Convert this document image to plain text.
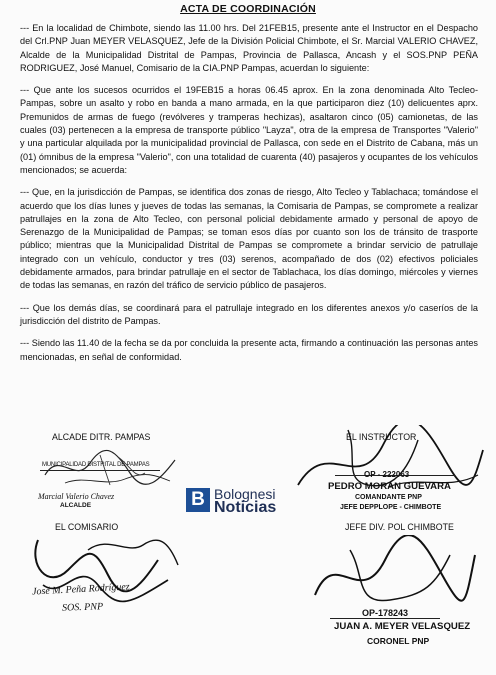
ACTA DE COORDINACIÓN

--- En la localidad de Chimbote, siendo las 11.00 hrs. Del 21FEB15, presente ante el Instructor en el Despacho del Crl.PNP Juan MEYER VELASQUEZ, Jefe de la División Policial Chimbote, el Sr. Marcial VALERIO CHAVEZ, Alcalde de la Municipalidad Distrital de Pampas, Provincia de Pallasca, Ancash y el SOS.PNP PEÑA RODRIGUEZ, José Manuel, Comisario de la CIA.PNP Pampas, acuerdan lo siguiente:

--- Que ante los sucesos ocurridos el 19FEB15 a horas 06.45 aprox. En la zona denominada Alto Tecleo-Pampas, sobre un asalto y robo en banda a mano armada, en la que participaron diez (10) delicuentes aprx. Premunidos de armas de fuego (revólveres y tramperas hechizas), asaltaron cinco (05) camionetas, de las cuales (03) pertenecen a la empresa de transporte público "Layza", otra de la empresa de Transportes "Valerio" y una particular alquilada por la municipalidad provincial de Pallasca, con sede en el Distrito de Cabana, más un (01) ómnibus de la empresa "Valerio", con una totalidad de cuarenta (40) pasajeros y ocupantes de los vehículos mencionados; se acuerda:

--- Que, en la jurisdicción de Pampas, se identifica dos zonas de riesgo, Alto Tecleo y Tablachaca; tomándose el acuerdo que los días lunes y jueves de todas las semanas, la Comisaria de Pampas, se compromete a realizar patrullajes en la zona de Alto Tecleo, con personal policial debidamente armado y personal de apoyo de Serenazgo de la Municipalidad de Pampas; se toman esos días por cuanto son los de tránsito de trasporte público; mientras que la Municipalidad Distrital de Pampas se compromete a brindar servicio de patrullaje integrado con un vehículo, conductor y tres (03) serenos, acompañado de dos (02) efectivos policiales debidamente armados, para brindar patrullaje en el sector de Tablachaca, los días domingo, miércoles y viernes de todas las semanas, en razón del tráfico de servicio público de pasajeros.

--- Que los demás días, se coordinará para el patrullaje integrado en los diferentes anexos y/o caseríos de la jurisdicción del distrito de Pampas.

--- Siendo las 11.40 de la fecha se da por concluida la presente acta, firmando a continuación las personas antes mencionadas, en señal de conformidad.

ALCADE DITR. PAMPAS
MUNICIPALIDAD DISTRITAL DE PAMPAS
Marcial Valerio Chavez
ALCALDE
EL INSTRUCTOR
OP - 222063
PEDRO MORÁN GUEVARA
COMANDANTE PNP
JEFE DEPPLOPE - CHIMBOTE
B Bolognesi
Noticias
EL COMISARIO
José M. Peña Rodríguez
SOS. PNP
JEFE DIV. POL CHIMBOTE
OP-178243
JUAN A. MEYER VELASQUEZ
CORONEL PNP
